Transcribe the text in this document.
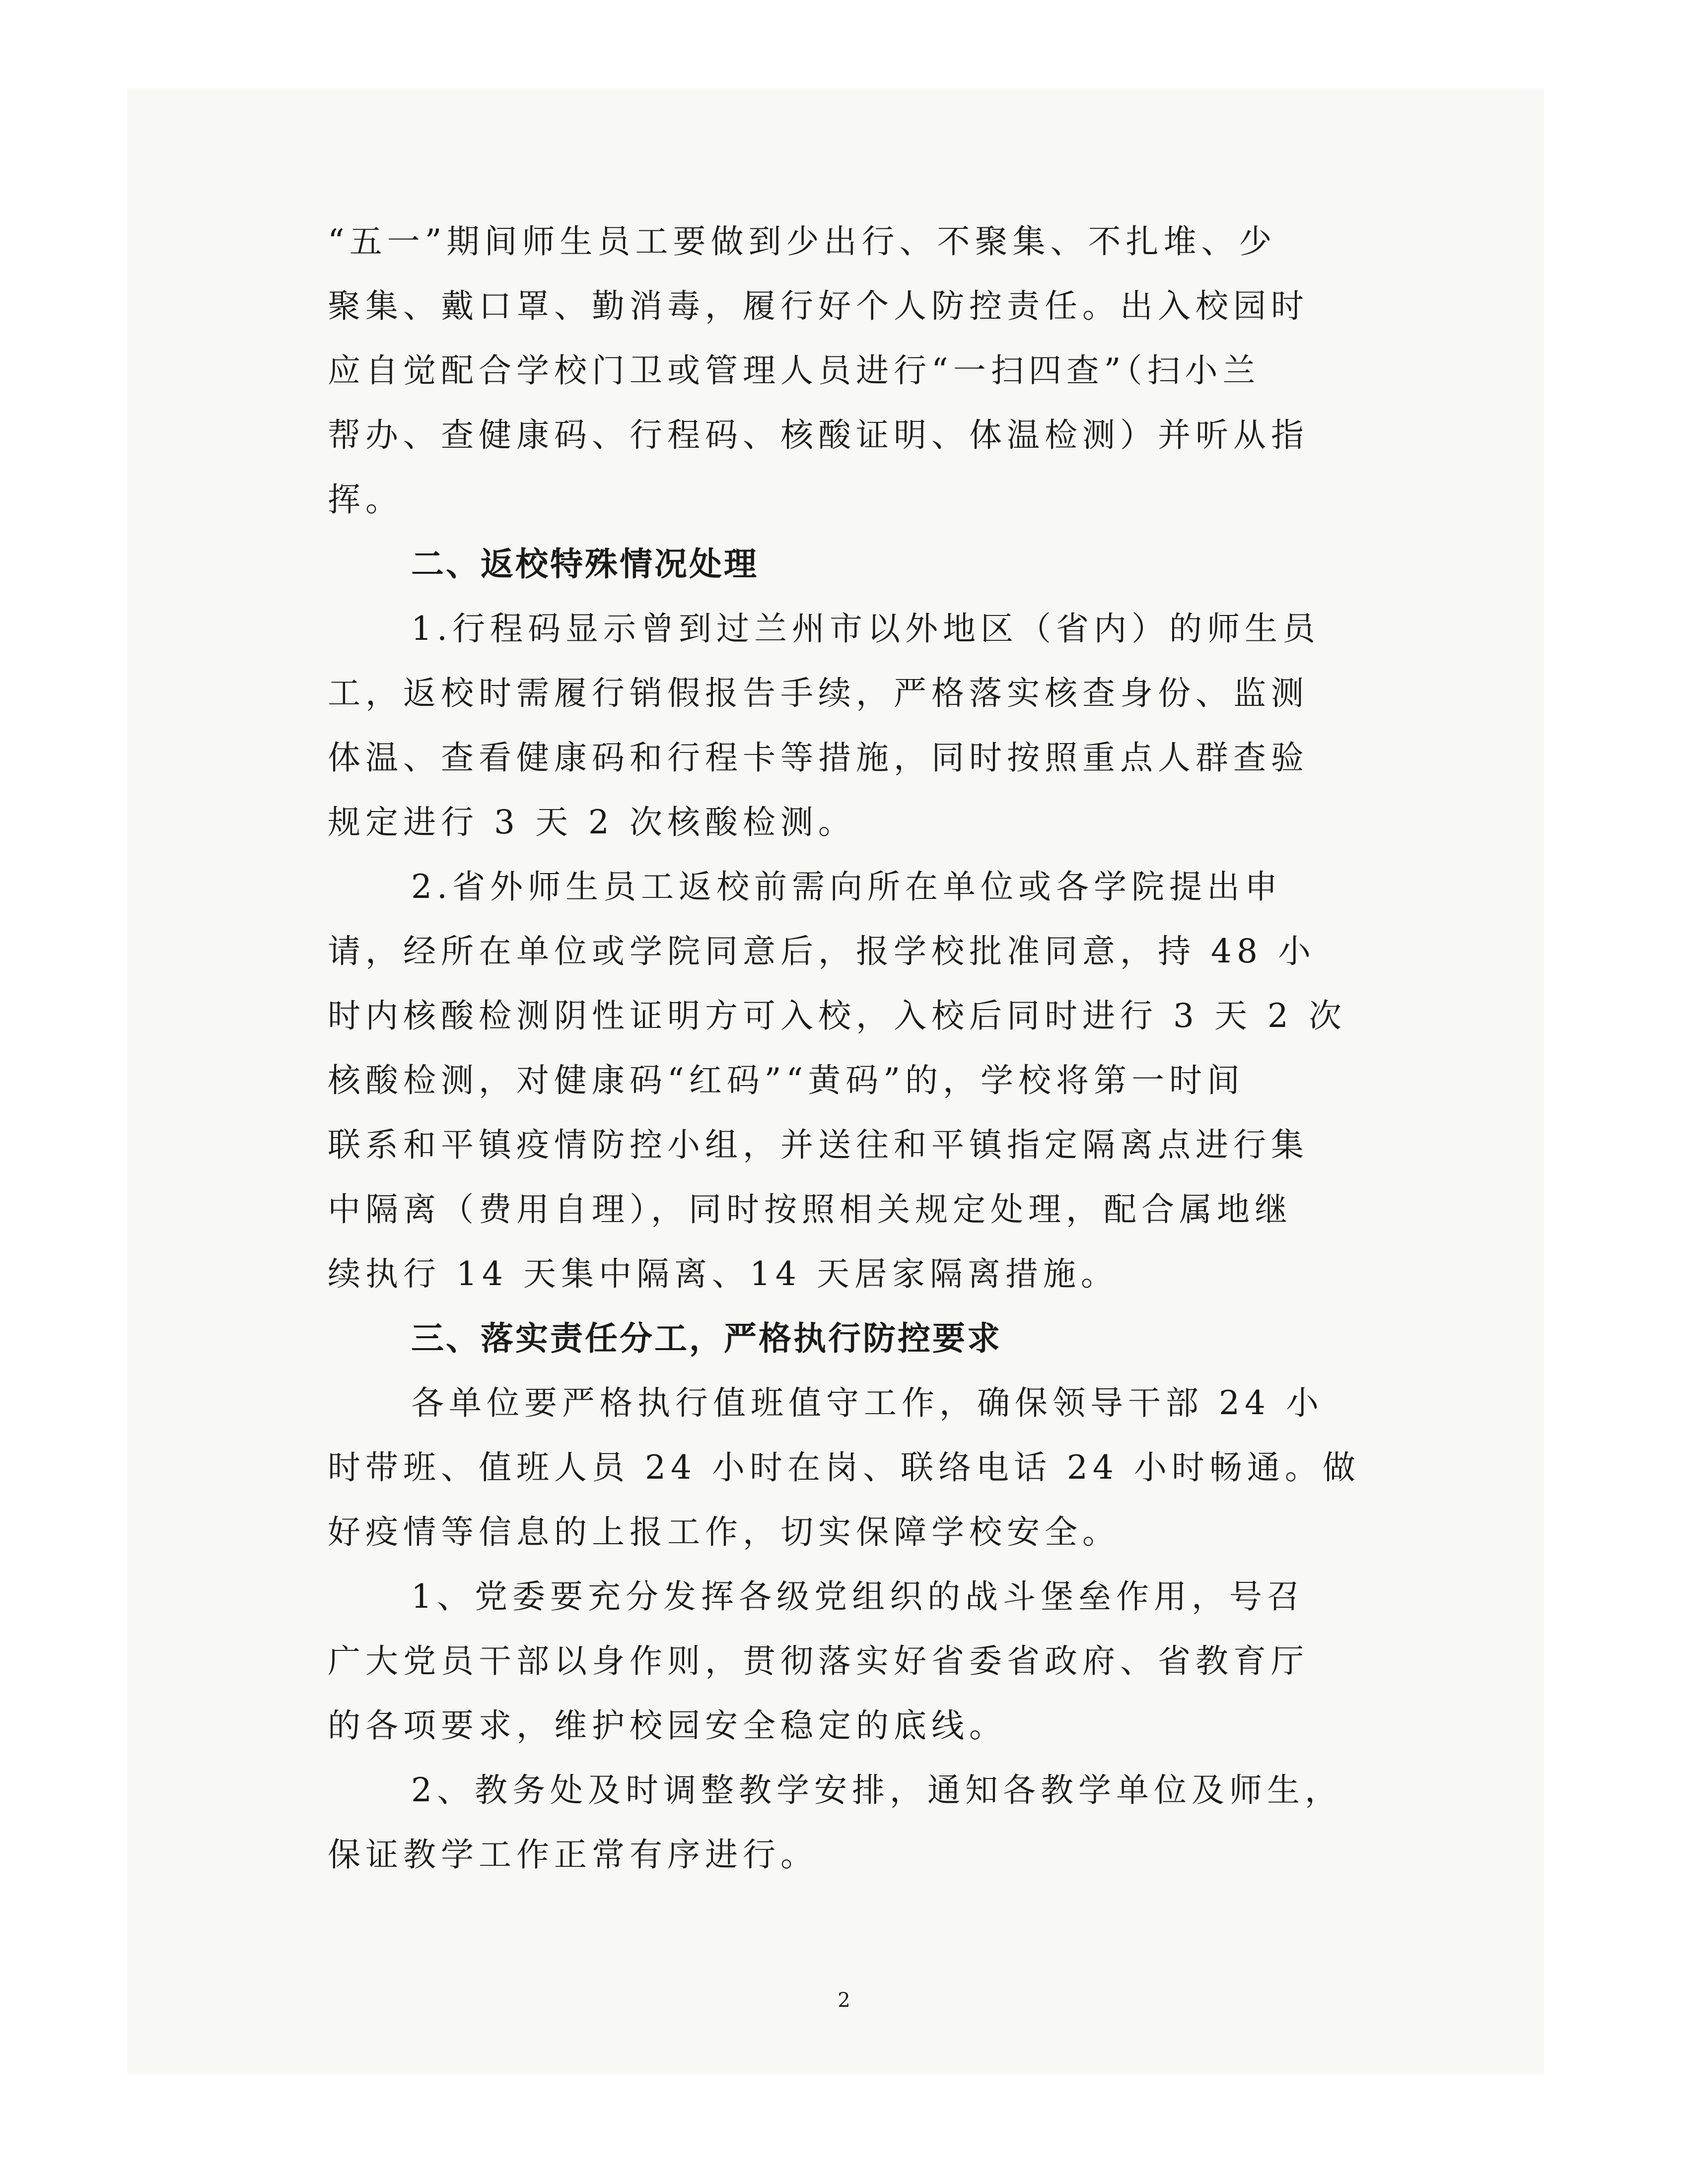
“五一”期间师生员工要做到少出行、不聚集、不扎堆、少
聚集、戴口罩、勤消毒，履行好个人防控责任。出入校园时
应自觉配合学校门卫或管理人员进行“一扫四查”（扫小兰
帮办、查健康码、行程码、核酸证明、体温检测）并听从指
挥。
二、返校特殊情况处理
1.行程码显示曾到过兰州市以外地区（省内）的师生员
工，返校时需履行销假报告手续，严格落实核查身份、监测
体温、查看健康码和行程卡等措施，同时按照重点人群查验
规定进行 3 天 2 次核酸检测。
2.省外师生员工返校前需向所在单位或各学院提出申
请，经所在单位或学院同意后，报学校批准同意，持 48 小
时内核酸检测阴性证明方可入校，入校后同时进行 3 天 2 次
核酸检测，对健康码“红码”“黄码”的，学校将第一时间
联系和平镇疫情防控小组，并送往和平镇指定隔离点进行集
中隔离（费用自理），同时按照相关规定处理，配合属地继
续执行 14 天集中隔离、14 天居家隔离措施。
三、落实责任分工，严格执行防控要求
各单位要严格执行值班值守工作，确保领导干部 24 小
时带班、值班人员 24 小时在岗、联络电话 24 小时畅通。做
好疫情等信息的上报工作，切实保障学校安全。
1、党委要充分发挥各级党组织的战斗堡垒作用，号召
广大党员干部以身作则，贯彻落实好省委省政府、省教育厅
的各项要求，维护校园安全稳定的底线。
2、教务处及时调整教学安排，通知各教学单位及师生，
保证教学工作正常有序进行。
2
